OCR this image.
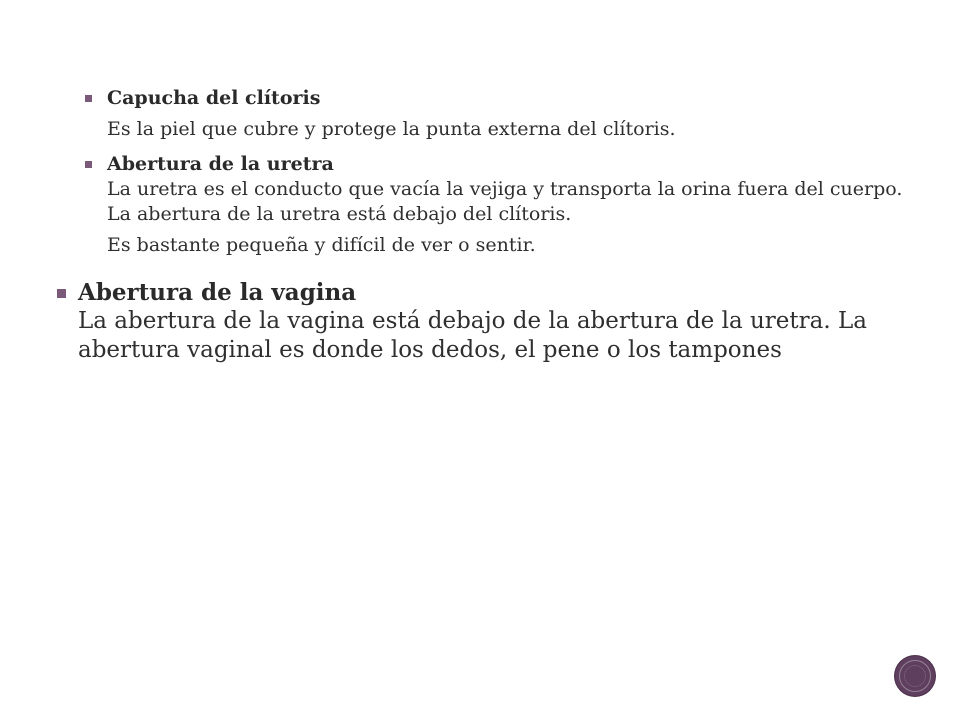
Capucha del clítoris
Es la piel que cubre y protege la punta externa del clítoris.
Abertura de la uretra
La uretra es el conducto que vacía la vejiga y transporta la orina fuera del cuerpo. La abertura de la uretra está debajo del clítoris.
Es bastante pequeña y difícil de ver o sentir.
Abertura de la vagina
La abertura de la vagina está debajo de la abertura de la uretra. La abertura vaginal es donde los dedos, el pene o los tampones
